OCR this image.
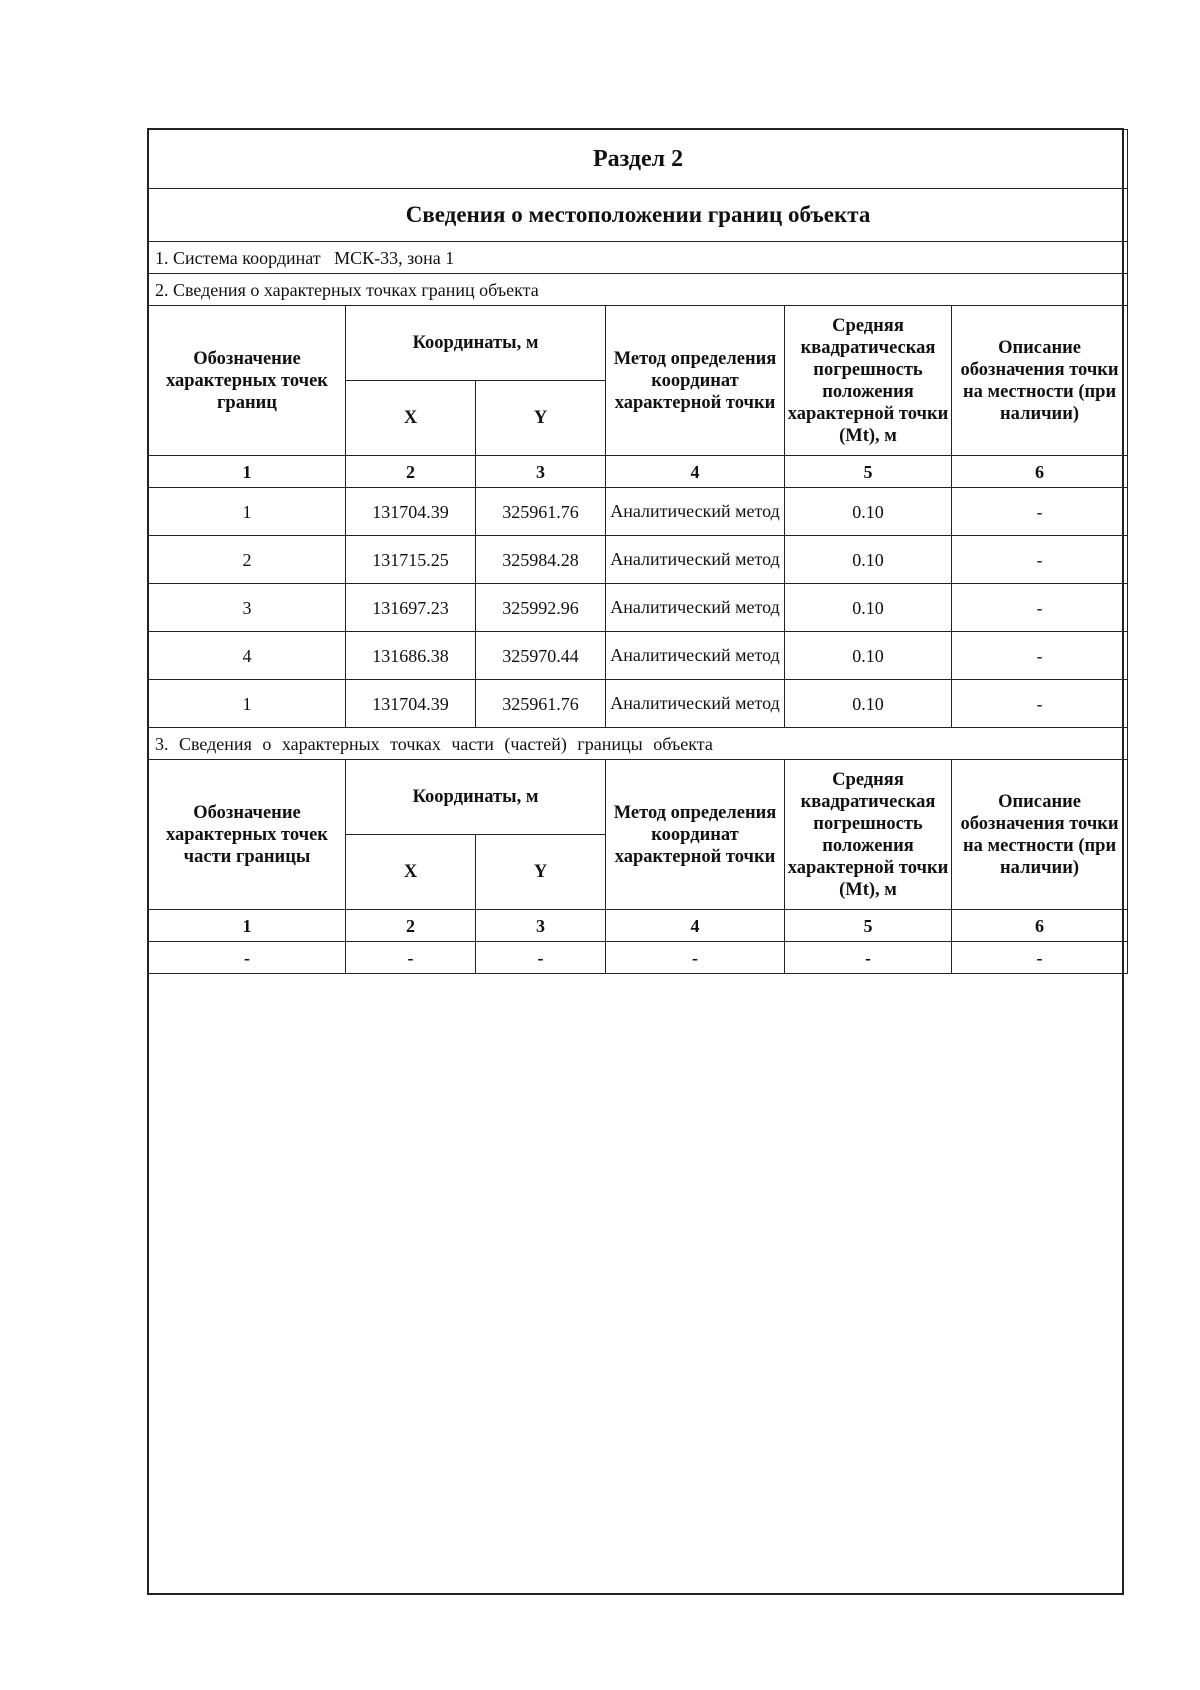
Раздел 2					
Сведения о местоположении границ объекта					
1. Система координат   МСК-33, зона 1					
2. Сведения о характерных точках границ объекта					
Обозначение характерных точек границ	Координаты, м		Метод определения координат характерной точки	Средняя квадратическая погрешность положения характерной точки (Mt), м	Описание обозначения точки на местности (при наличии)
	X	Y			
1	2	3	4	5	6
1	131704.39	325961.76	Аналитический метод	0.10	-
2	131715.25	325984.28	Аналитический метод	0.10	-
3	131697.23	325992.96	Аналитический метод	0.10	-
4	131686.38	325970.44	Аналитический метод	0.10	-
1	131704.39	325961.76	Аналитический метод	0.10	-
3. Сведения о характерных точках части (частей) границы объекта					
Обозначение характерных точек части границы	Координаты, м		Метод определения координат характерной точки	Средняя квадратическая погрешность положения характерной точки (Mt), м	Описание обозначения точки на местности (при наличии)
	X	Y			
1	2	3	4	5	6
-	-	-	-	-	-
